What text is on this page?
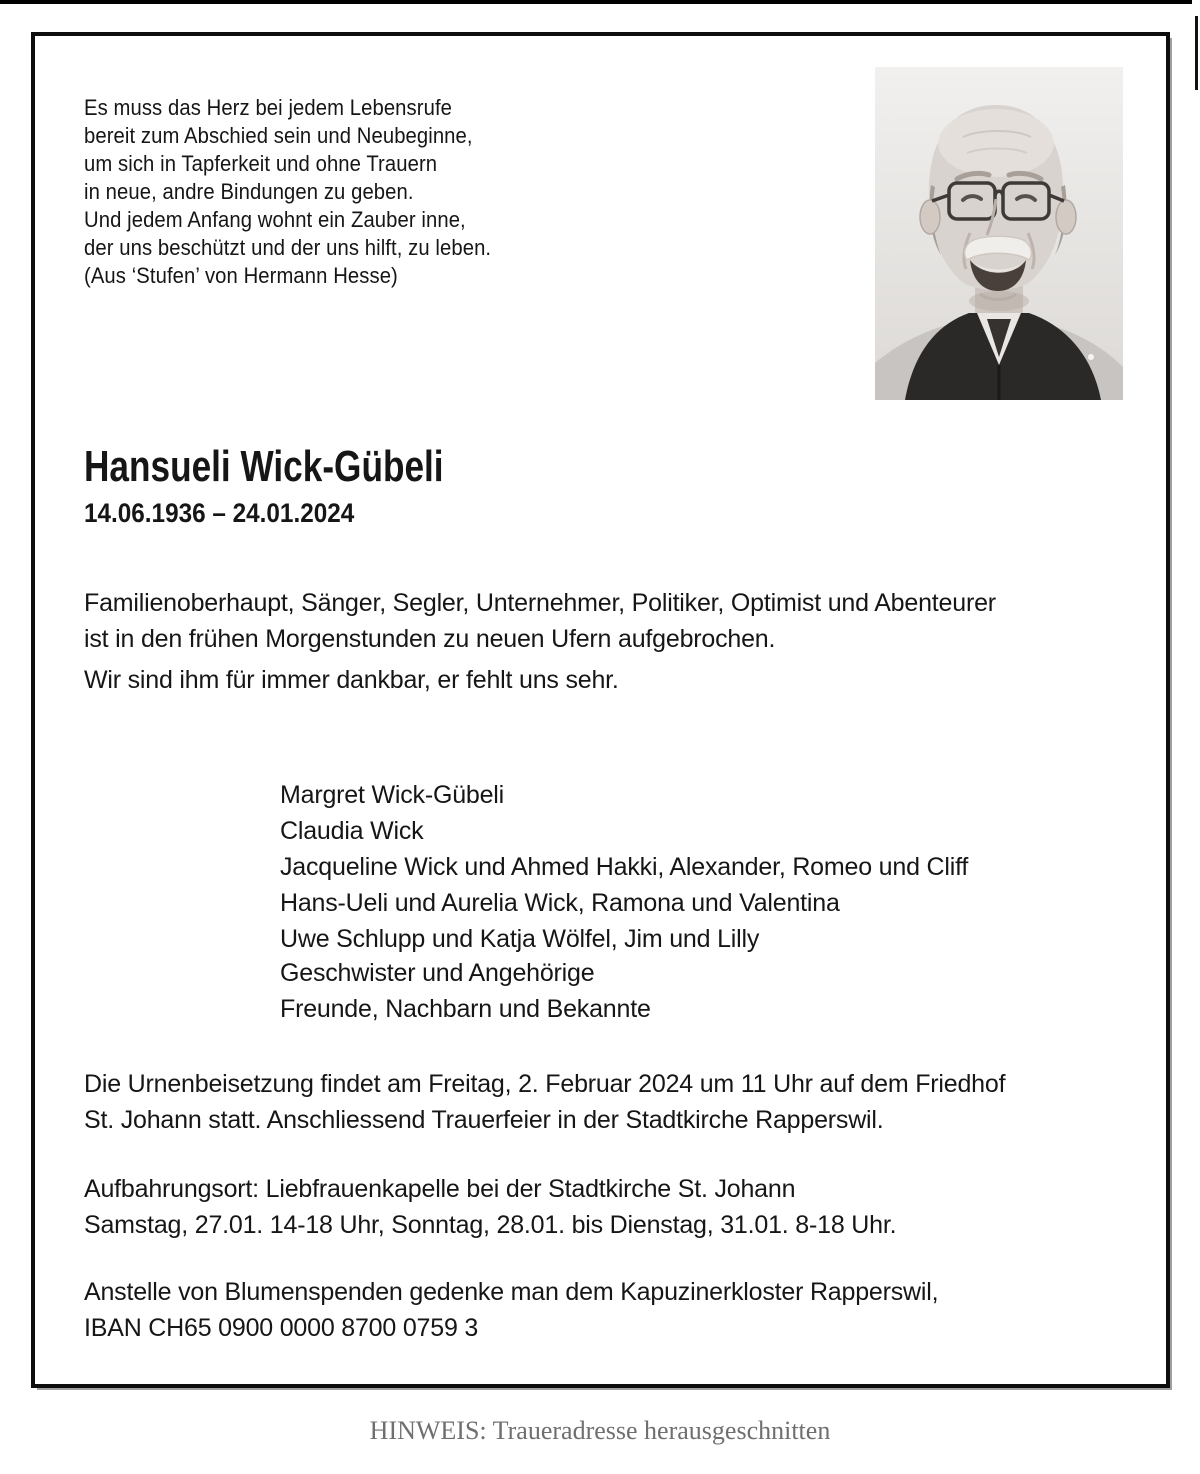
Es muss das Herz bei jedem Lebensrufe
bereit zum Abschied sein und Neubeginne,
um sich in Tapferkeit und ohne Trauern
in neue, andre Bindungen zu geben.
Und jedem Anfang wohnt ein Zauber inne,
der uns beschützt und der uns hilft, zu leben.
(Aus ‘Stufen’ von Hermann Hesse)
Hansueli Wick-Gübeli
14.06.1936 – 24.01.2024
Familienoberhaupt, Sänger, Segler, Unternehmer, Politiker, Optimist und Abenteurer
ist in den frühen Morgenstunden zu neuen Ufern aufgebrochen.
Wir sind ihm für immer dankbar, er fehlt uns sehr.
Margret Wick-Gübeli
Claudia Wick
Jacqueline Wick und Ahmed Hakki, Alexander, Romeo und Cliff
Hans-Ueli und Aurelia Wick, Ramona und Valentina
Uwe Schlupp und Katja Wölfel, Jim und Lilly
Geschwister und Angehörige
Freunde, Nachbarn und Bekannte
Die Urnenbeisetzung findet am Freitag, 2. Februar 2024 um 11 Uhr auf dem Friedhof
St. Johann statt. Anschliessend Trauerfeier in der Stadtkirche Rapperswil.
Aufbahrungsort: Liebfrauenkapelle bei der Stadtkirche St. Johann
Samstag, 27.01. 14-18 Uhr, Sonntag, 28.01. bis Dienstag, 31.01. 8-18 Uhr.
Anstelle von Blumenspenden gedenke man dem Kapuzinerkloster Rapperswil,
IBAN CH65 0900 0000 8700 0759 3
HINWEIS: Traueradresse herausgeschnitten
